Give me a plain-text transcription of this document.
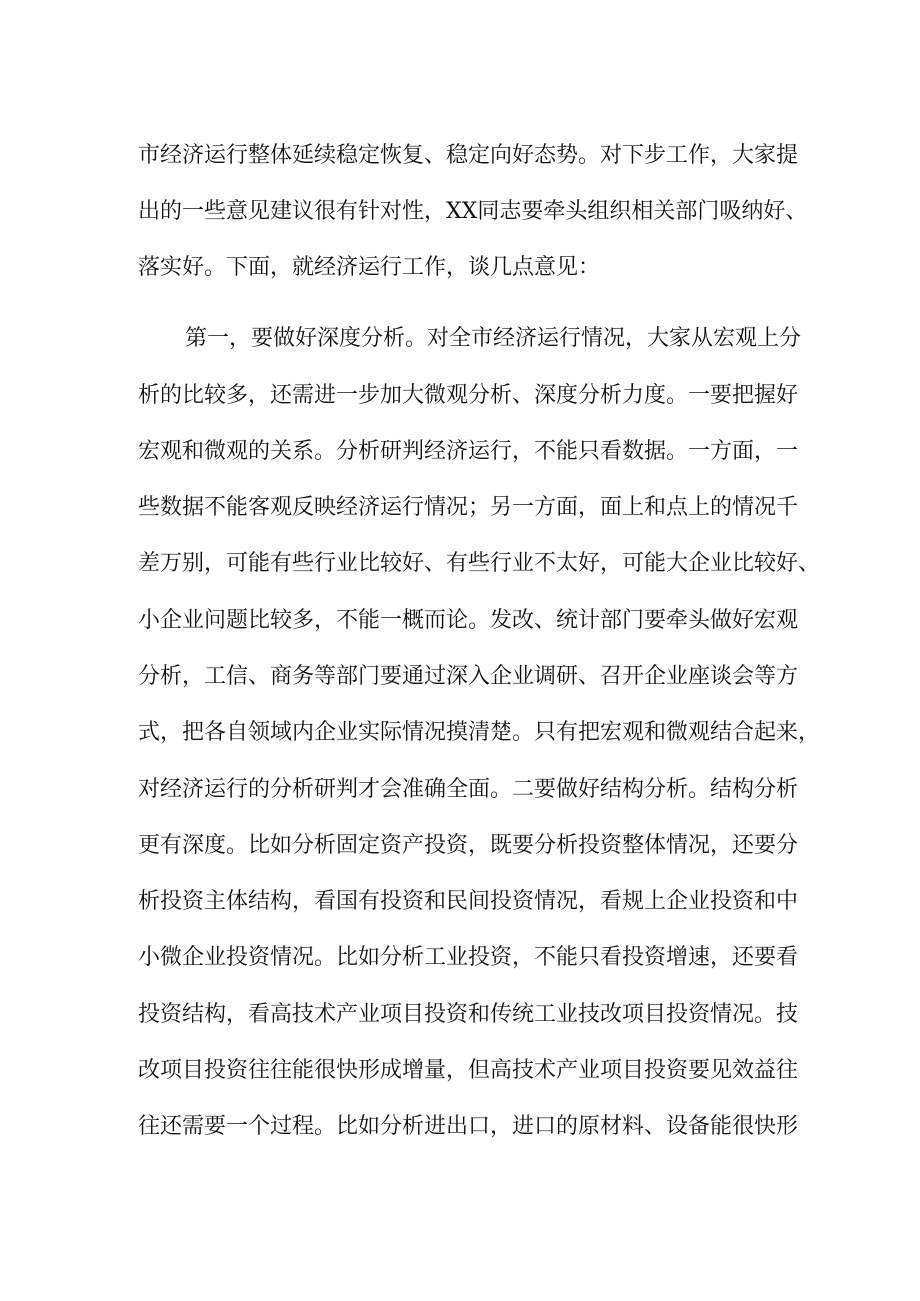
市经济运行整体延续稳定恢复、稳定向好态势。对下步工作，大家提
出的一些意见建议很有针对性，XX同志要牵头组织相关部门吸纳好、
落实好。下面，就经济运行工作，谈几点意见：
第一，要做好深度分析。对全市经济运行情况，大家从宏观上分
析的比较多，还需进一步加大微观分析、深度分析力度。一要把握好
宏观和微观的关系。分析研判经济运行，不能只看数据。一方面，一
些数据不能客观反映经济运行情况；另一方面，面上和点上的情况千
差万别，可能有些行业比较好、有些行业不太好，可能大企业比较好、
小企业问题比较多，不能一概而论。发改、统计部门要牵头做好宏观
分析，工信、商务等部门要通过深入企业调研、召开企业座谈会等方
式，把各自领域内企业实际情况摸清楚。只有把宏观和微观结合起来，
对经济运行的分析研判才会准确全面。二要做好结构分析。结构分析
更有深度。比如分析固定资产投资，既要分析投资整体情况，还要分
析投资主体结构，看国有投资和民间投资情况，看规上企业投资和中
小微企业投资情况。比如分析工业投资，不能只看投资增速，还要看
投资结构，看高技术产业项目投资和传统工业技改项目投资情况。技
改项目投资往往能很快形成增量，但高技术产业项目投资要见效益往
往还需要一个过程。比如分析进出口，进口的原材料、设备能很快形
